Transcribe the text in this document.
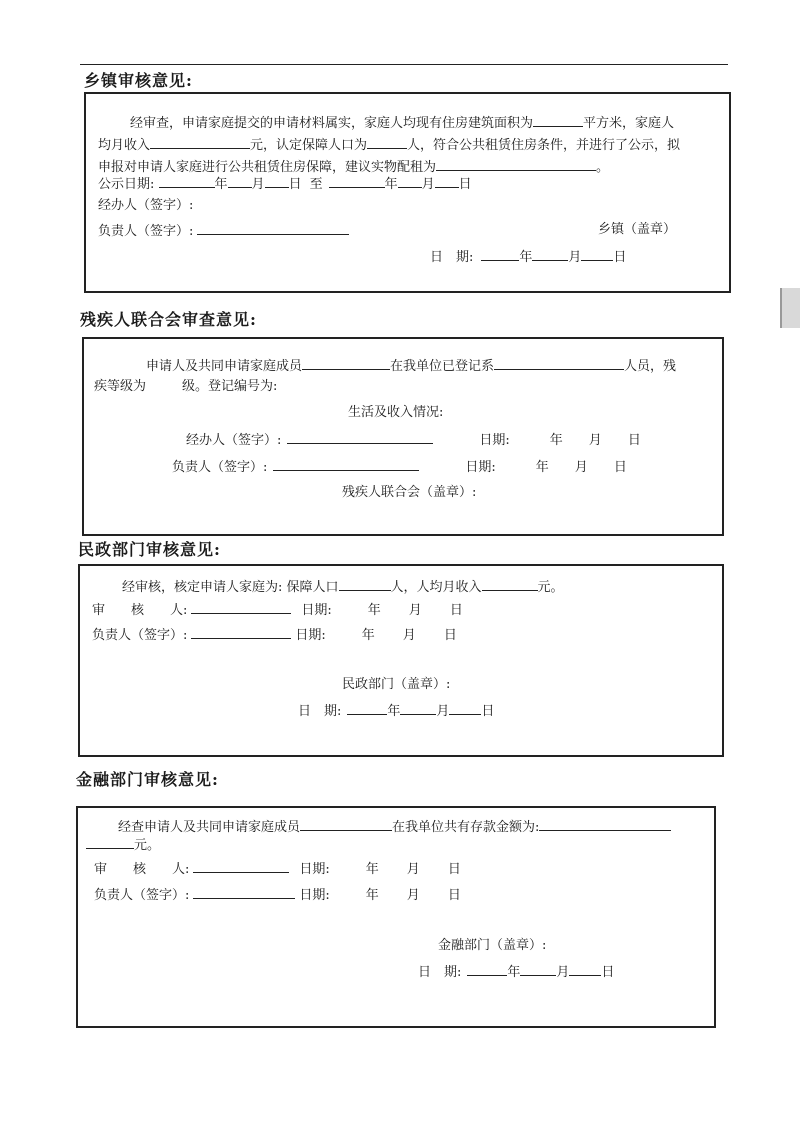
乡镇审核意见:
经审查，申请家庭提交的申请材料属实，家庭人均现有住房建筑面积为	平方米，家庭人
均月收入	元，认定保障人口为	人，符合公共租赁住房条件，并进行了公示，拟
申报对申请人家庭进行公共租赁住房保障，建议实物配租为	。
公示日期:	年 月 日 至	年 月 日
经办人（签字）:
负责人（签字）:	乡镇（盖章）
日　期:	年	月 日
残疾人联合会审查意见:
申请人及共同申请家庭成员	在我单位已登记系	人员，残
疾等级为	级。登记编号为:
生活及收入情况:
经办人（签字）:	日期:	年 月 日
负责人（签字）:	日期:	年 月 日
残疾人联合会（盖章）:
民政部门审核意见:
经审核，核定申请人家庭为: 保障人口	人，人均月收入	元。
审　　核　　人:	日期:	年 月 日
负责人（签字）:	日期:	年 月 日
民政部门（盖章）:
日　期:	年	月 日
金融部门审核意见:
经查申请人及共同申请家庭成员	在我单位共有存款金额为:
元。
审　　核　　人:	日期:	年 月 日
负责人（签字）:	日期:	年 月 日
金融部门（盖章）:
日　期:	年	月 日
